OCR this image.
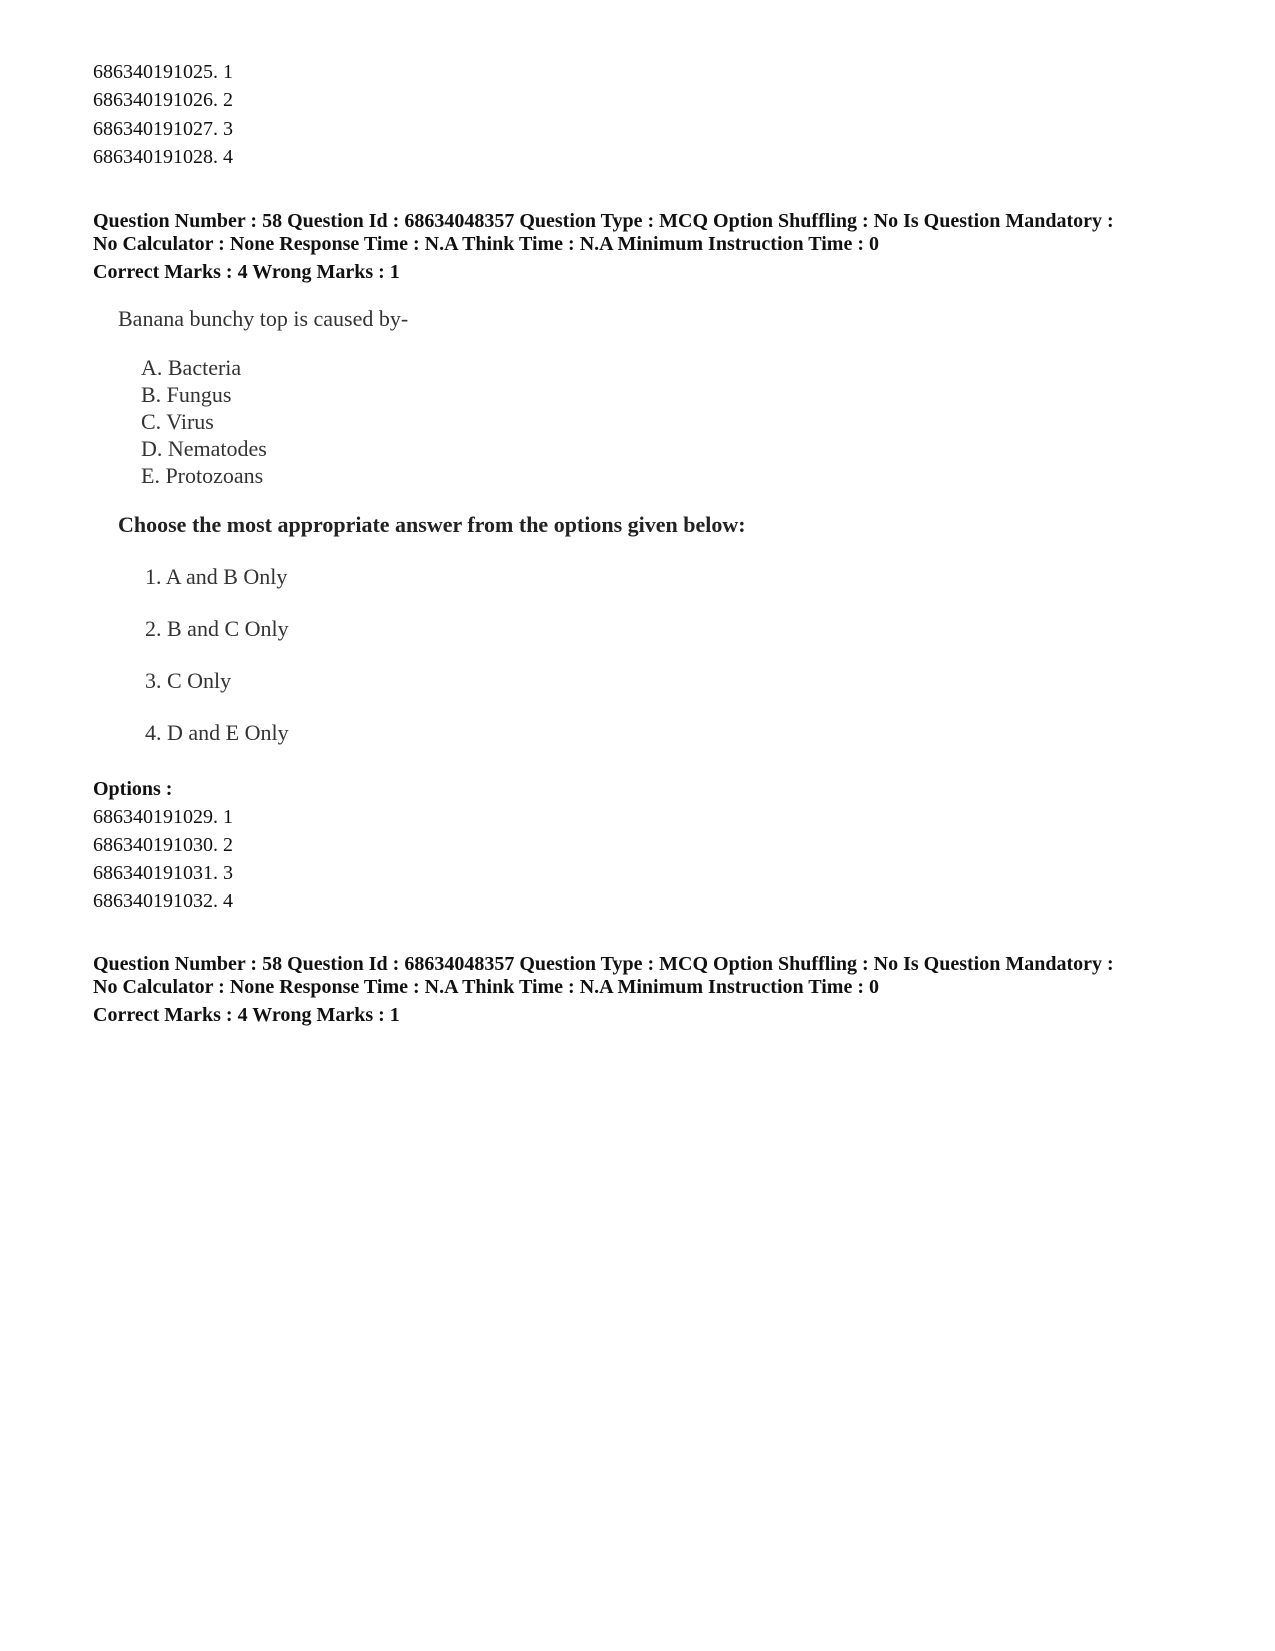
686340191025. 1
686340191026. 2
686340191027. 3
686340191028. 4
Question Number : 58 Question Id : 68634048357 Question Type : MCQ Option Shuffling : No Is Question Mandatory :
No Calculator : None Response Time : N.A Think Time : N.A Minimum Instruction Time : 0
Correct Marks : 4 Wrong Marks : 1
Banana bunchy top is caused by-
A. Bacteria
B. Fungus
C. Virus
D. Nematodes
E. Protozoans
Choose the most appropriate answer from the options given below:
1. A and B Only
2. B and C Only
3. C Only
4. D and E Only
Options :
686340191029. 1
686340191030. 2
686340191031. 3
686340191032. 4
Question Number : 58 Question Id : 68634048357 Question Type : MCQ Option Shuffling : No Is Question Mandatory :
No Calculator : None Response Time : N.A Think Time : N.A Minimum Instruction Time : 0
Correct Marks : 4 Wrong Marks : 1
